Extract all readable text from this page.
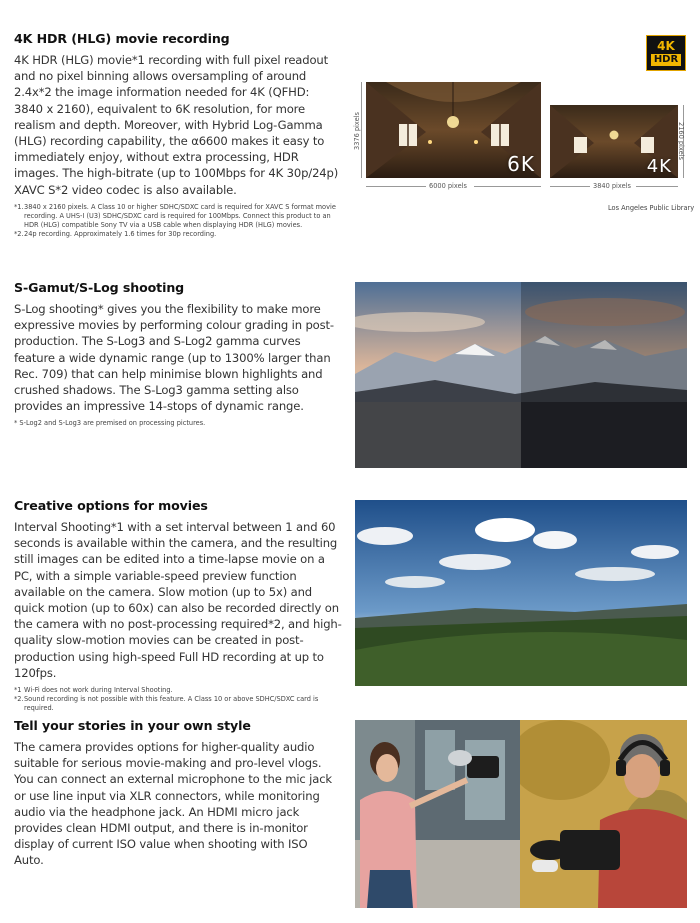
4K HDR (HLG) movie recording

4K HDR (HLG) movie*1 recording with full pixel readout and no pixel binning allows oversampling of around 2.4x*2 the image information needed for 4K (QFHD: 3840 x 2160), equivalent to 6K resolution, for more realism and depth. Moreover, with Hybrid Log-Gamma (HLG) recording capability, the α6600 makes it easy to immediately enjoy, without extra processing, HDR images. The high-bitrate (up to 100Mbps for 4K 30p/24p) XAVC S*2 video codec is also available.

*1. 3840 x 2160 pixels. A Class 10 or higher SDHC/SDXC card is required for XAVC S format movie recording. A UHS-I (U3) SDHC/SDXC card is required for 100Mbps. Connect this product to an HDR (HLG) compatible Sony TV via a USB cable when displaying HDR (HLG) movies.
*2. 24p recording. Approximately 1.6 times for 30p recording.
4K
HDR
6K	4K
3376 pixels	2160 pixels
6000 pixels	3840 pixels
Los Angeles Public Library
S-Gamut/S-Log shooting

S-Log shooting* gives you the flexibility to make more expressive movies by performing colour grading in post-production. The S-Log3 and S-Log2 gamma curves feature a wide dynamic range (up to 1300% larger than Rec. 709) that can help minimise blown highlights and crushed shadows. The S-Log3 gamma setting also provides an impressive 14-stops of dynamic range.

* S-Log2 and S-Log3 are premised on processing pictures.
Creative options for movies

Interval Shooting*1 with a set interval between 1 and 60 seconds is available within the camera, and the resulting still images can be edited into a time-lapse movie on a PC, with a simple variable-speed preview function available on the camera. Slow motion (up to 5x) and quick motion (up to 60x) can also be recorded directly on the camera with no post-processing required*2, and high-quality slow-motion movies can be created in post-production using high-speed Full HD recording at up to 120fps.

*1 Wi-Fi does not work during Interval Shooting.
*2. Sound recording is not possible with this feature. A Class 10 or above SDHC/SDXC card is required.
Tell your stories in your own style

The camera provides options for higher-quality audio suitable for serious movie-making and pro-level vlogs. You can connect an external microphone to the mic jack or use line input via XLR connectors, while monitoring audio via the headphone jack. An HDMI micro jack provides clean HDMI output, and there is in-monitor display of current ISO value when shooting with ISO Auto.
